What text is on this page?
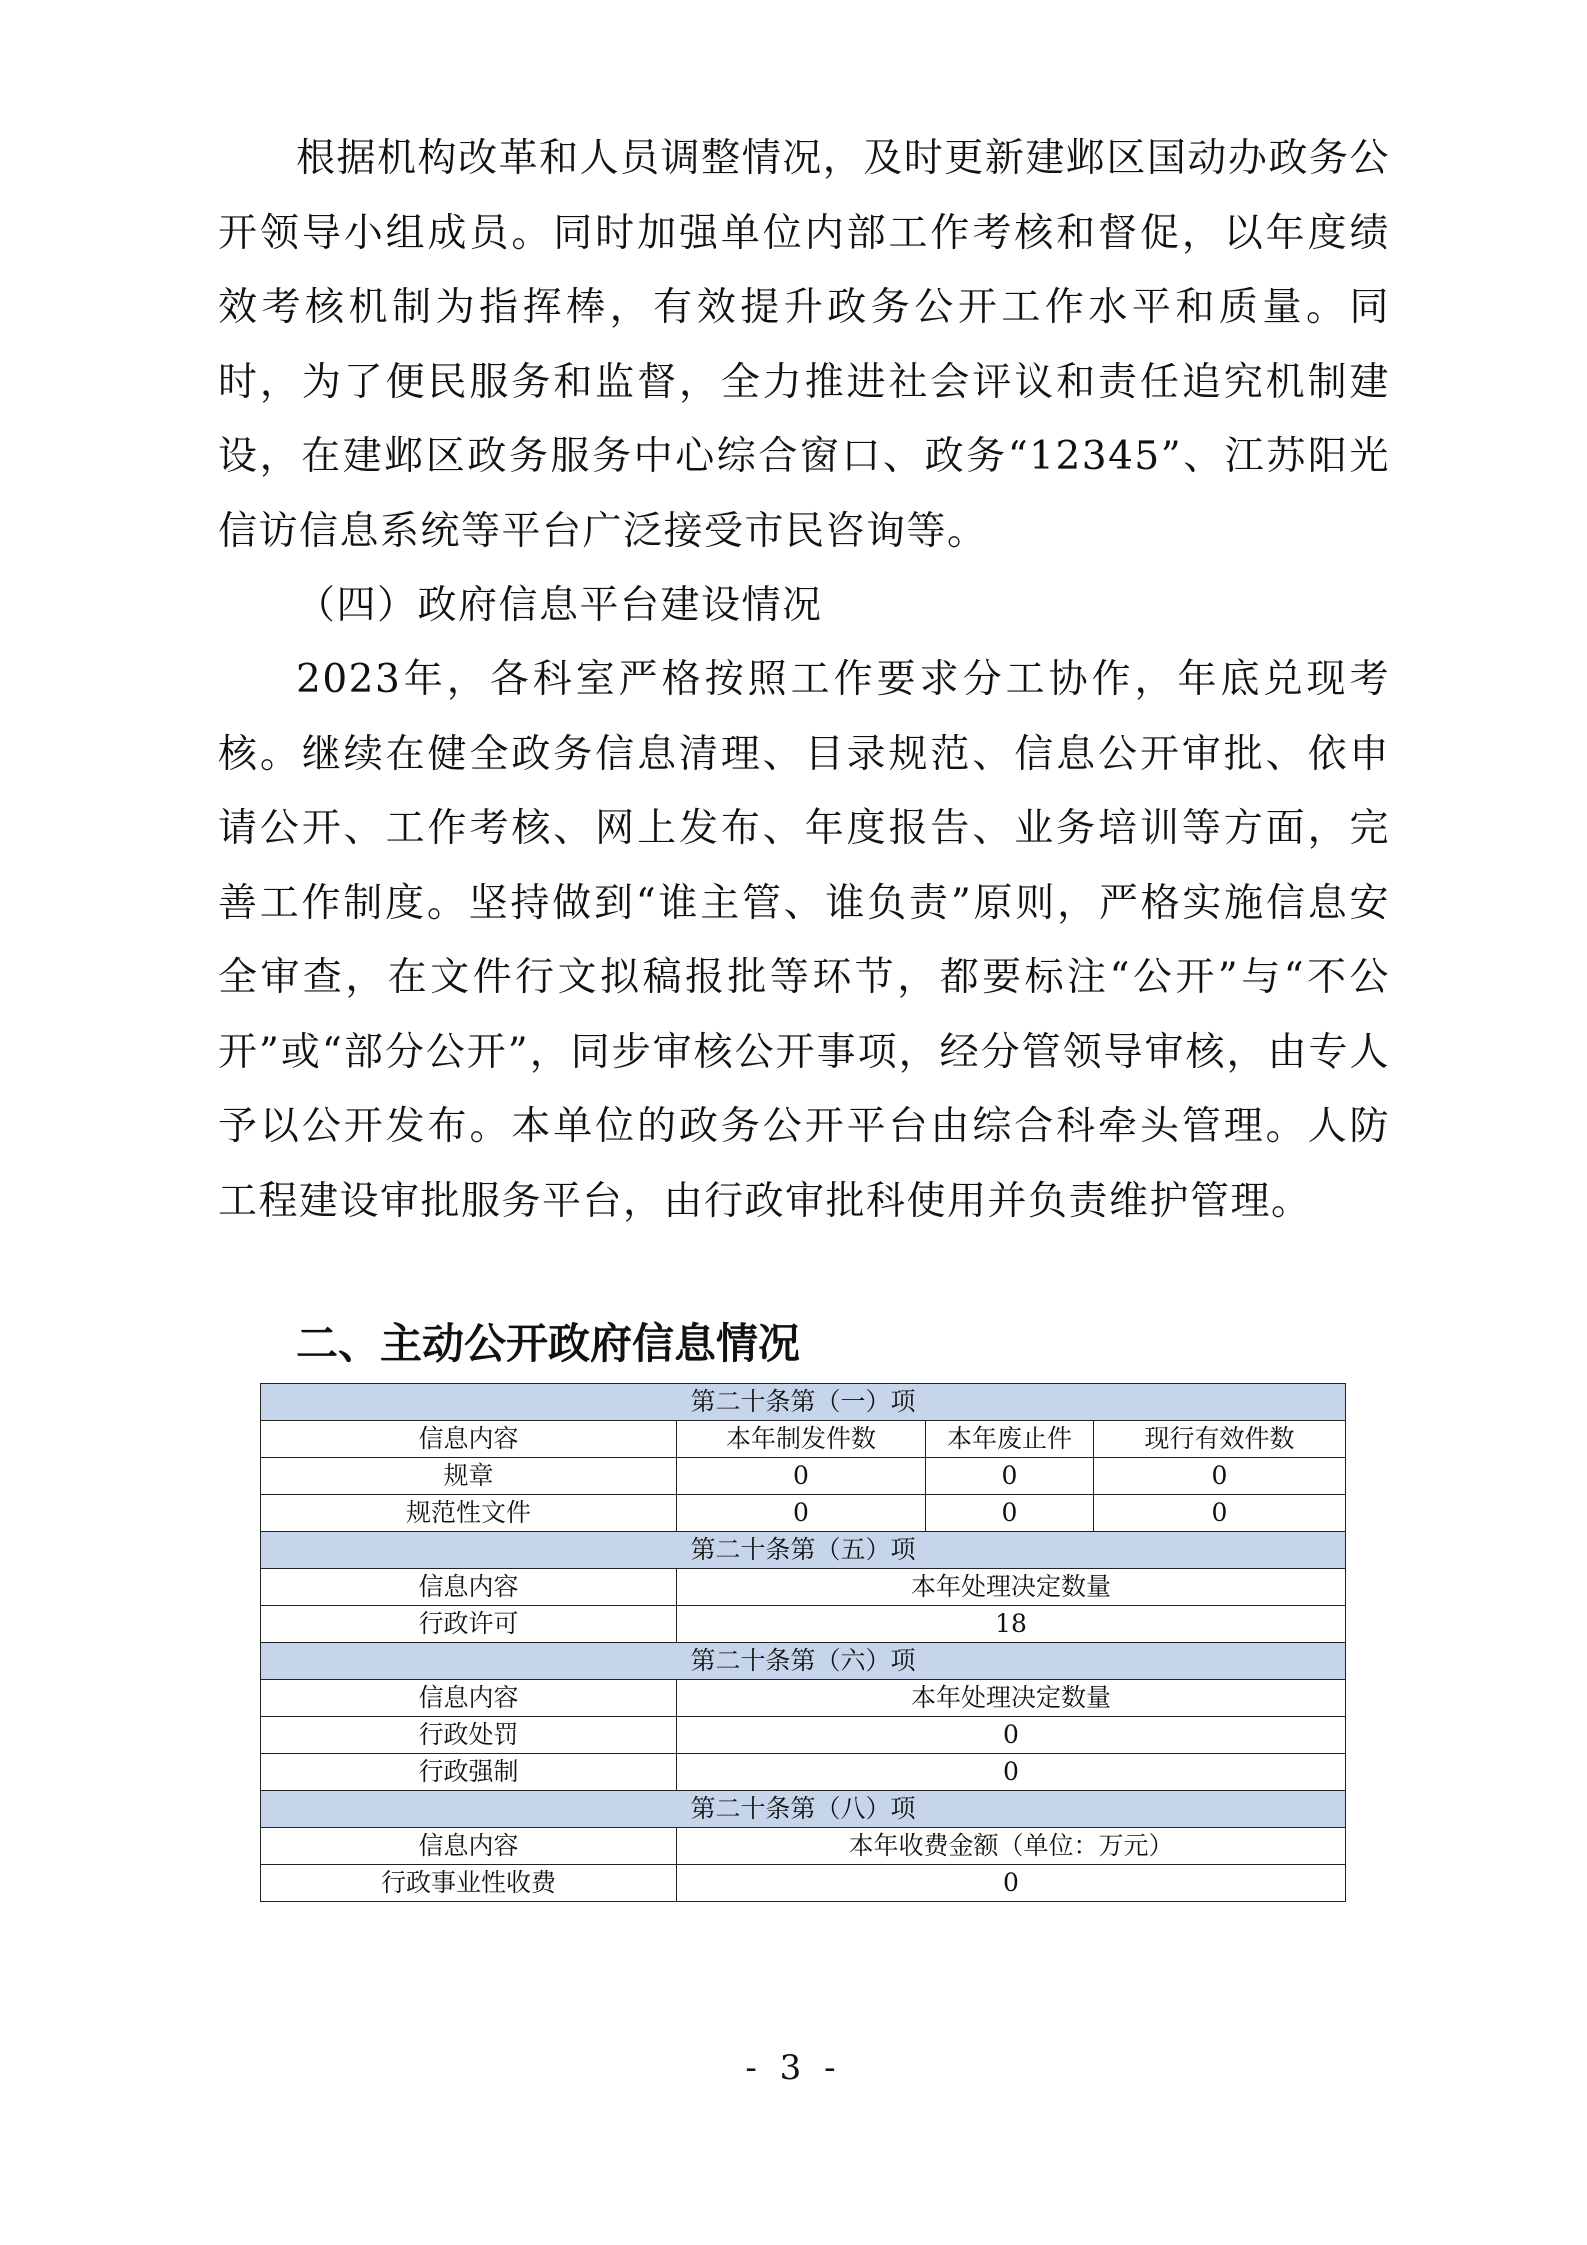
根据机构改革和人员调整情况，及时更新建邺区国动办政务公开领导小组成员。同时加强单位内部工作考核和督促，以年度绩效考核机制为指挥棒，有效提升政务公开工作水平和质量。同时，为了便民服务和监督，全力推进社会评议和责任追究机制建设，在建邺区政务服务中心综合窗口、政务“12345”、江苏阳光信访信息系统等平台广泛接受市民咨询等。

（四）政府信息平台建设情况

2023年，各科室严格按照工作要求分工协作，年底兑现考核。继续在健全政务信息清理、目录规范、信息公开审批、依申请公开、工作考核、网上发布、年度报告、业务培训等方面，完善工作制度。坚持做到“谁主管、谁负责”原则，严格实施信息安全审查，在文件行文拟稿报批等环节，都要标注“公开”与“不公开”或“部分公开”，同步审核公开事项，经分管领导审核，由专人予以公开发布。本单位的政务公开平台由综合科牵头管理。人防工程建设审批服务平台，由行政审批科使用并负责维护管理。

二、主动公开政府信息情况
第二十条第（一）项			
信息内容	本年制发件数	本年废止件	现行有效件数
规章	0	0	0
规范性文件	0	0	0
第二十条第（五）项			
信息内容	本年处理决定数量		
行政许可	18		
第二十条第（六）项			
信息内容	本年处理决定数量		
行政处罚	0		
行政强制	0		
第二十条第（八）项			
信息内容	本年收费金额（单位：万元）		
行政事业性收费	0		

- 3 -
